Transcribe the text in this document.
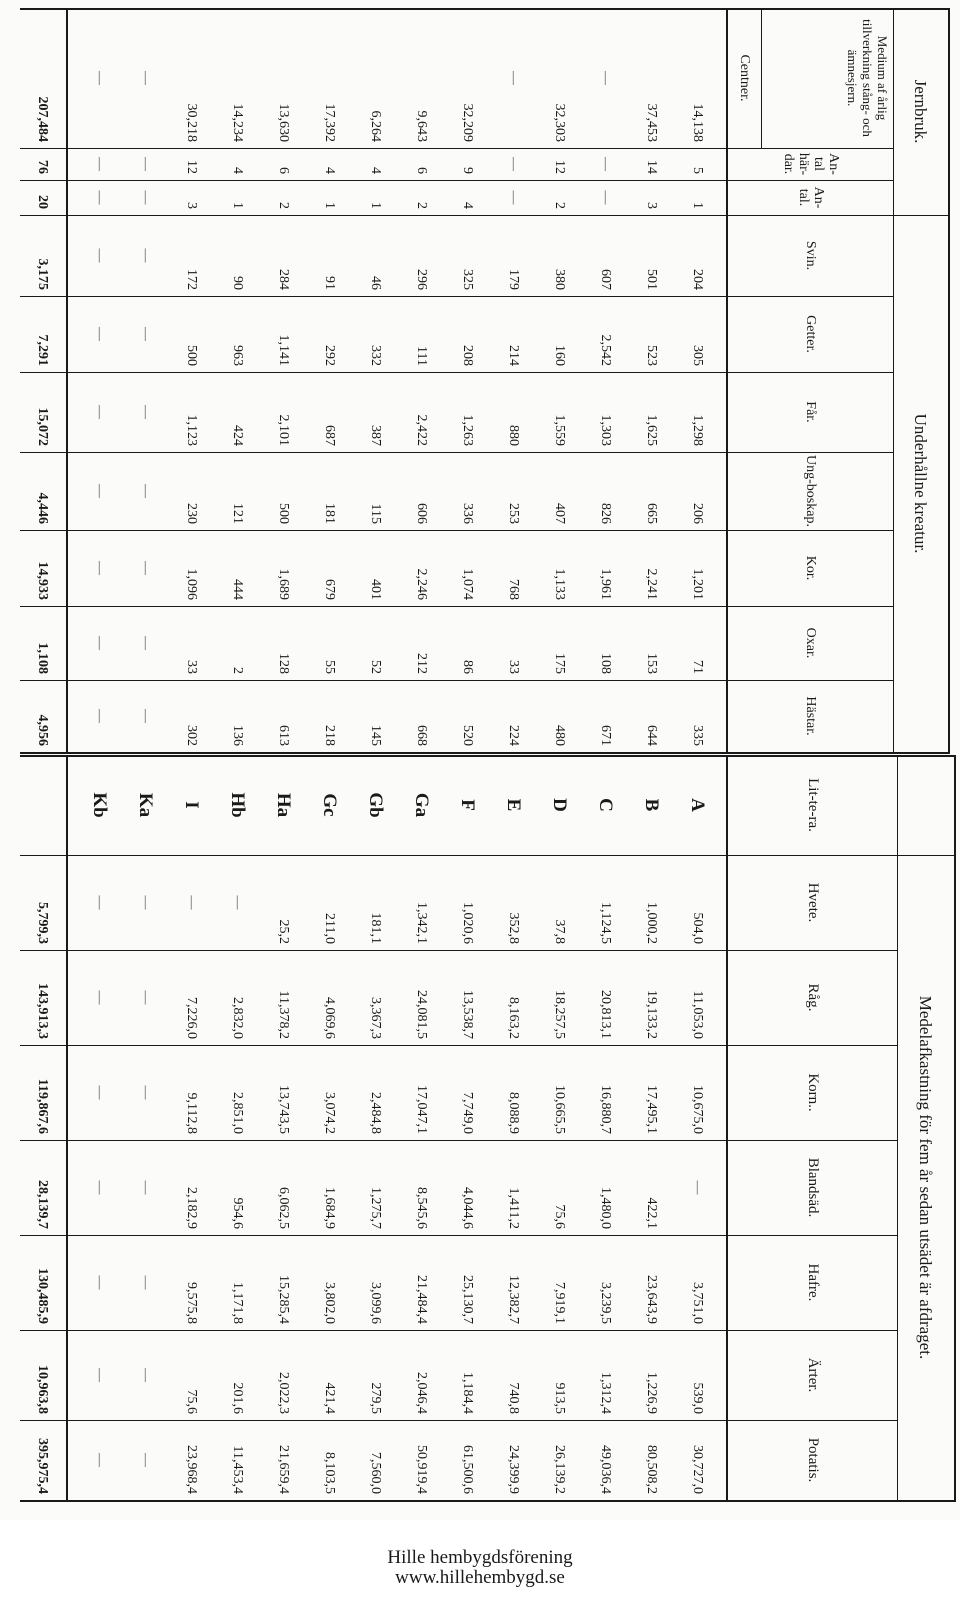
Medelafkastning för fem år sedan utsädet är afdraget.
Lit-te-ra.
Hvete.
Råg.
Korn..
Blandsäd.
Hafre.
Ärter.
Potatis.
A
504,0
11,053,0
10,675,0
—
3,751,0
539,0
30,727,0
B
1,000,2
19,133,2
17,495,1
422,1
23,643,9
1,226,9
80,508,2
C
1,124,5
20,813,1
16,880,7
1,480,0
3,239,5
1,312,4
49,036,4
D
37,8
18,257,5
10,665,5
75,6
7,919,1
913,5
26,139,2
E
352,8
8,163,2
8,088,9
1,411,2
12,382,7
740,8
24,399,9
F
1,020,6
13,538,7
7,749,0
4,044,6
25,130,7
1,184,4
61,500,6
Ga
1,342,1
24,081,5
17,047,1
8,545,6
21,484,4
2,046,4
50,919,4
Gb
181,1
3,367,3
2,484,8
1,275,7
3,099,6
279,5
7,560,0
Gc
211,0
4,069,6
3,074,2
1,684,9
3,802,0
421,4
8,103,5
Ha
25,2
11,378,2
13,743,5
6,062,5
15,285,4
2,022,3
21,659,4
Hb
—
2,832,0
2,851,0
954,6
1,171,8
201,6
11,453,4
I
—
7,226,0
9,112,8
2,182,9
9,575,8
75,6
23,968,4
Ka
—
—
—
—
—
—
—
Kb
—
—
—
—
—
—
—
5,799,3
143,913,3
119,867,6
28,139,7
130,485,9
10,963,8
395,975,4
Underhållne kreatur.
Jernbruk.
Medium af årlig tillverkning stång- och ämnesjern.
An-tal här-dar.
An-tal.
Svin.
Getter.
Får.
Ung-boskap.
Kor.
Oxar.
Hästar.
Centner.
14,138
5
1
204
305
1,298
206
1,201
71
335
37,453
14
3
501
523
1,625
665
2,241
153
644
—
—
—
607
2,542
1,303
826
1,961
108
671
32,303
12
2
380
160
1,559
407
1,133
175
480
—
—
—
179
214
880
253
768
33
224
32,209
9
4
325
208
1,263
336
1,074
86
520
9,643
6
2
296
111
2,422
606
2,246
212
668
6,264
4
1
46
332
387
115
401
52
145
17,392
4
1
91
292
687
181
679
55
218
13,630
6
2
284
1,141
2,101
500
1,689
128
613
14,234
4
1
90
963
424
121
444
2
136
30,218
12
3
172
500
1,123
230
1,096
33
302
—
—
—
—
—
—
—
—
—
—
—
—
—
—
—
—
—
—
—
—
207,484
76
20
3,175
7,291
15,072
4,446
14,933
1,108
4,956
Hille hembygdsförening
www.hillehembygd.se
